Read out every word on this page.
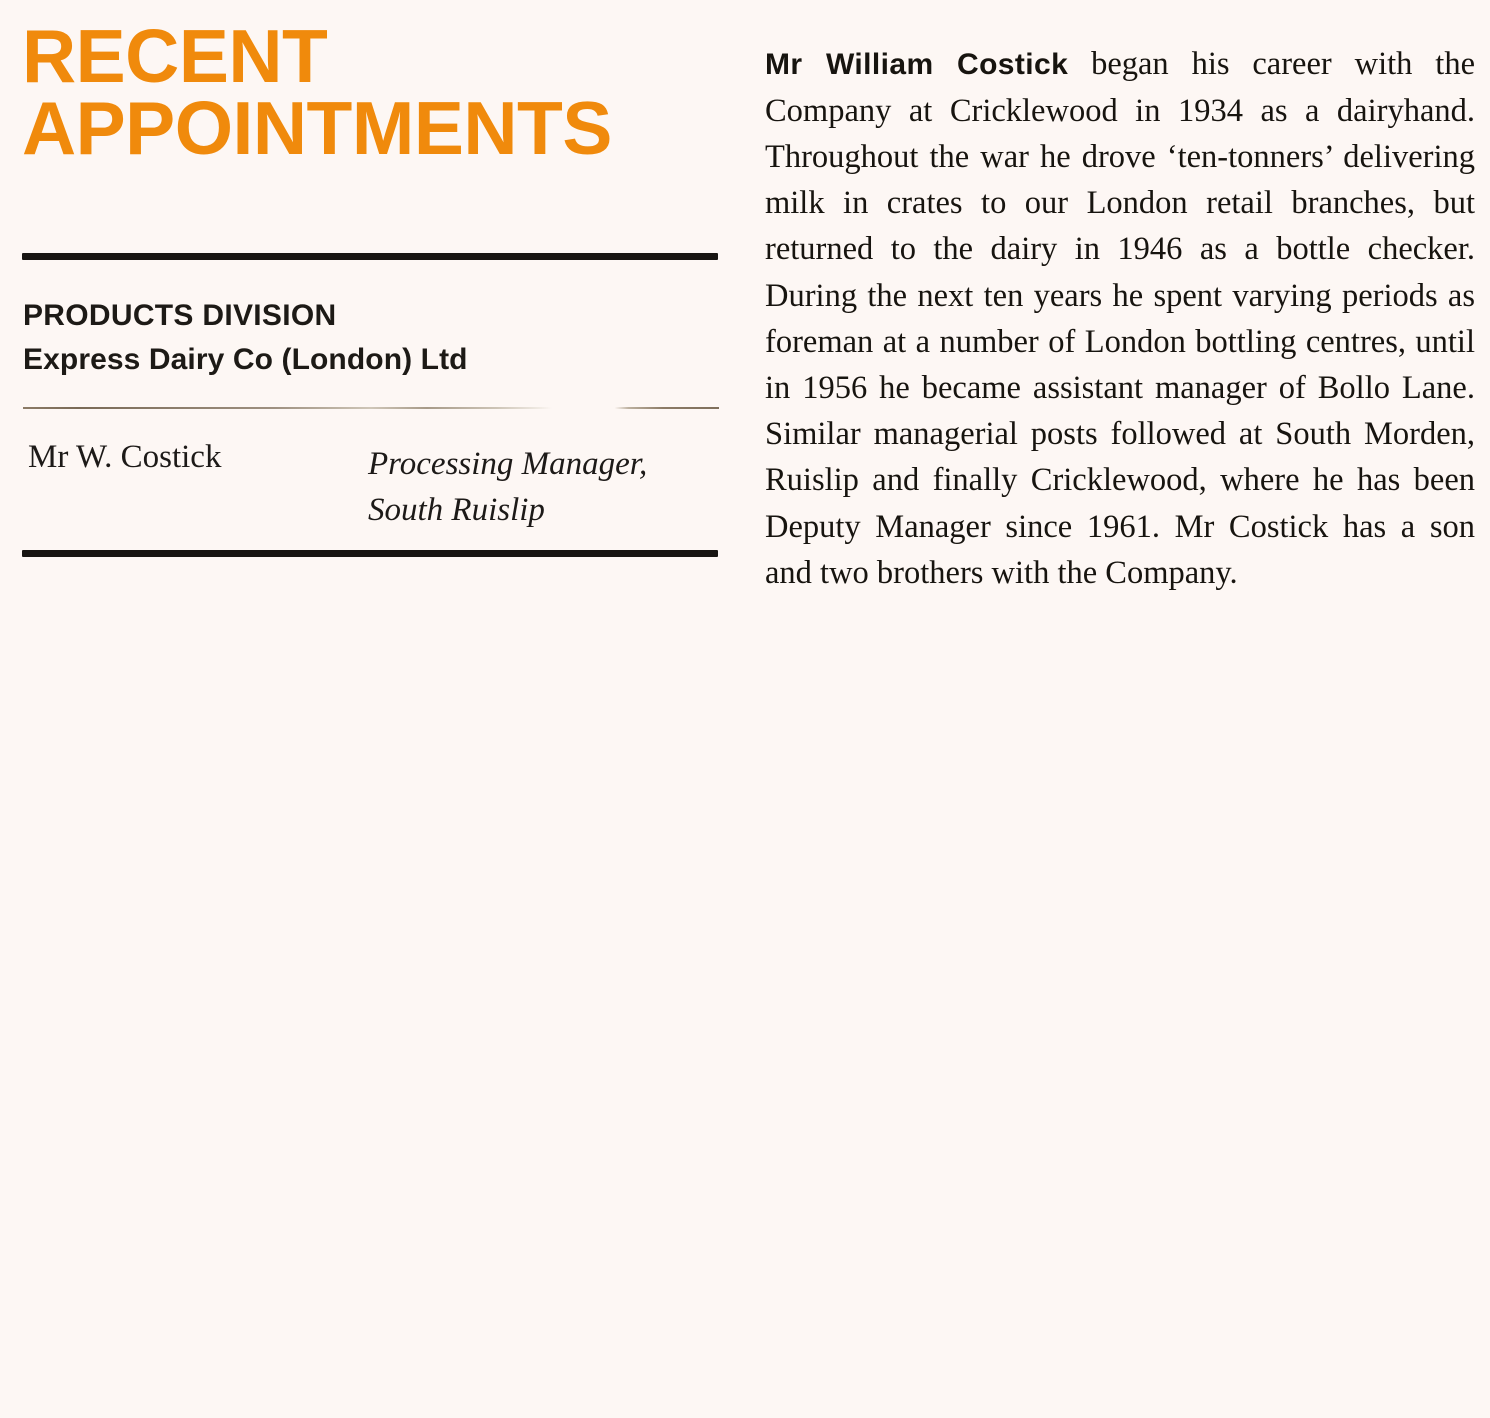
RECENT
APPOINTMENTS
PRODUCTS DIVISION
Express Dairy Co (London) Ltd
Mr W. Costick	Processing Manager,
South Ruislip

Mr William Costick began his career with the Company at Cricklewood in 1934 as a dairyhand. Throughout the war he drove ‘ten-tonners’ delivering milk in crates to our London retail branches, but returned to the dairy in 1946 as a bottle checker. During the next ten years he spent varying periods as foreman at a number of London bottling centres, until in 1956 he became assistant manager of Bollo Lane. Similar managerial posts followed at South Morden, Ruislip and finally Cricklewood, where he has been Deputy Manager since 1961. Mr Costick has a son and two brothers with the Company.
